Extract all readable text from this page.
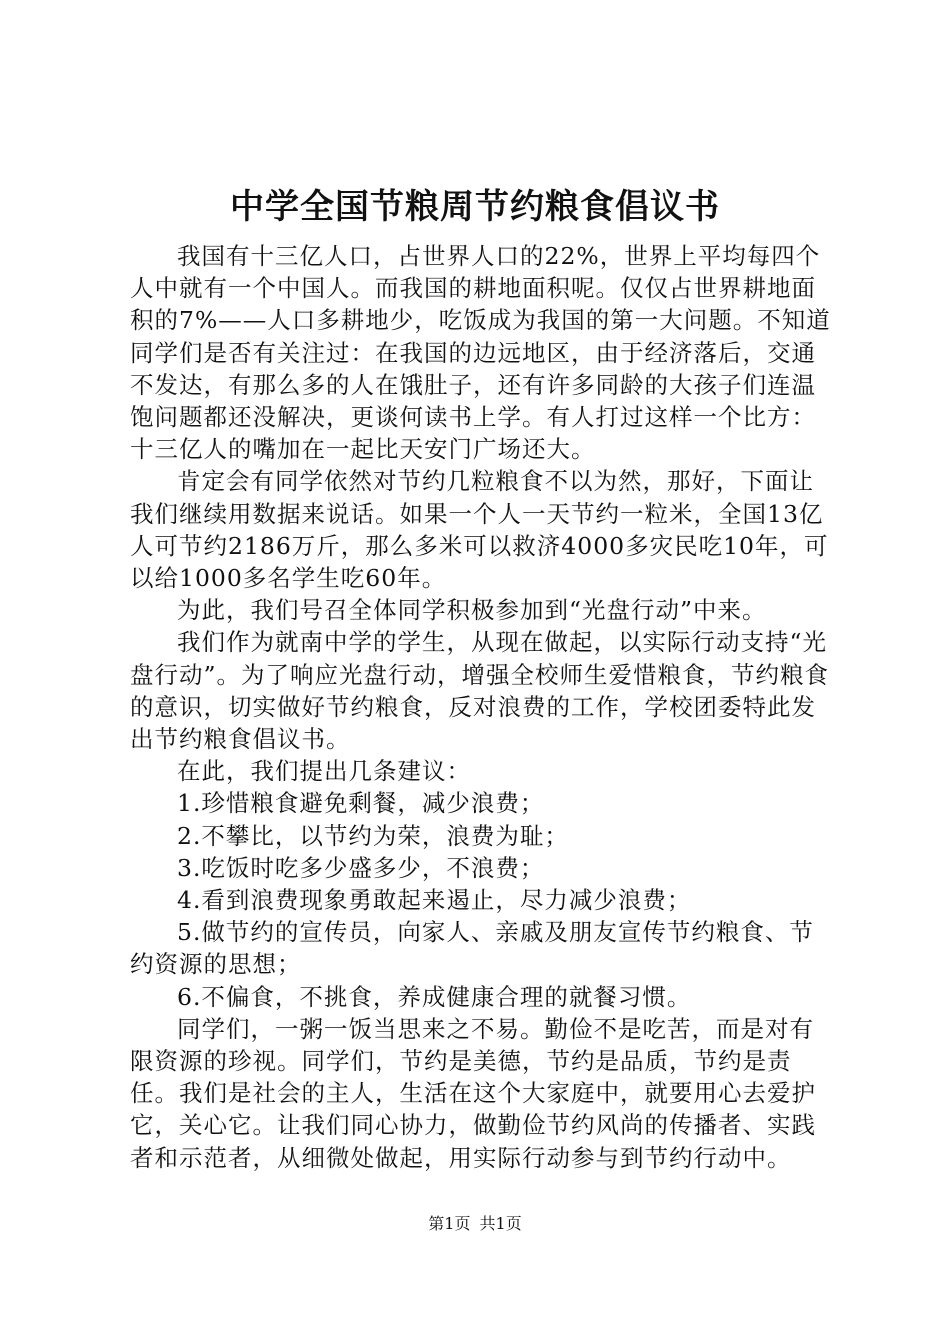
中学全国节粮周节约粮食倡议书

我国有十三亿人口，占世界人口的22%，世界上平均每四个人中就有一个中国人。而我国的耕地面积呢。仅仅占世界耕地面积的7%——人口多耕地少，吃饭成为我国的第一大问题。不知道同学们是否有关注过：在我国的边远地区，由于经济落后，交通不发达，有那么多的人在饿肚子，还有许多同龄的大孩子们连温饱问题都还没解决，更谈何读书上学。有人打过这样一个比方：十三亿人的嘴加在一起比天安门广场还大。

肯定会有同学依然对节约几粒粮食不以为然，那好，下面让我们继续用数据来说话。如果一个人一天节约一粒米，全国13亿人可节约2186万斤，那么多米可以救济4000多灾民吃10年，可以给1000多名学生吃60年。

为此，我们号召全体同学积极参加到“光盘行动”中来。

我们作为就南中学的学生，从现在做起，以实际行动支持“光盘行动”。为了响应光盘行动，增强全校师生爱惜粮食，节约粮食的意识，切实做好节约粮食，反对浪费的工作，学校团委特此发出节约粮食倡议书。

在此，我们提出几条建议：

1.珍惜粮食避免剩餐，减少浪费；

2.不攀比，以节约为荣，浪费为耻；

3.吃饭时吃多少盛多少，不浪费；

4.看到浪费现象勇敢起来遏止，尽力减少浪费；

5.做节约的宣传员，向家人、亲戚及朋友宣传节约粮食、节约资源的思想；

6.不偏食，不挑食，养成健康合理的就餐习惯。

同学们，一粥一饭当思来之不易。勤俭不是吃苦，而是对有限资源的珍视。同学们，节约是美德，节约是品质，节约是责任。我们是社会的主人，生活在这个大家庭中，就要用心去爱护它，关心它。让我们同心协力，做勤俭节约风尚的传播者、实践者和示范者，从细微处做起，用实际行动参与到节约行动中。

第1页 共1页
